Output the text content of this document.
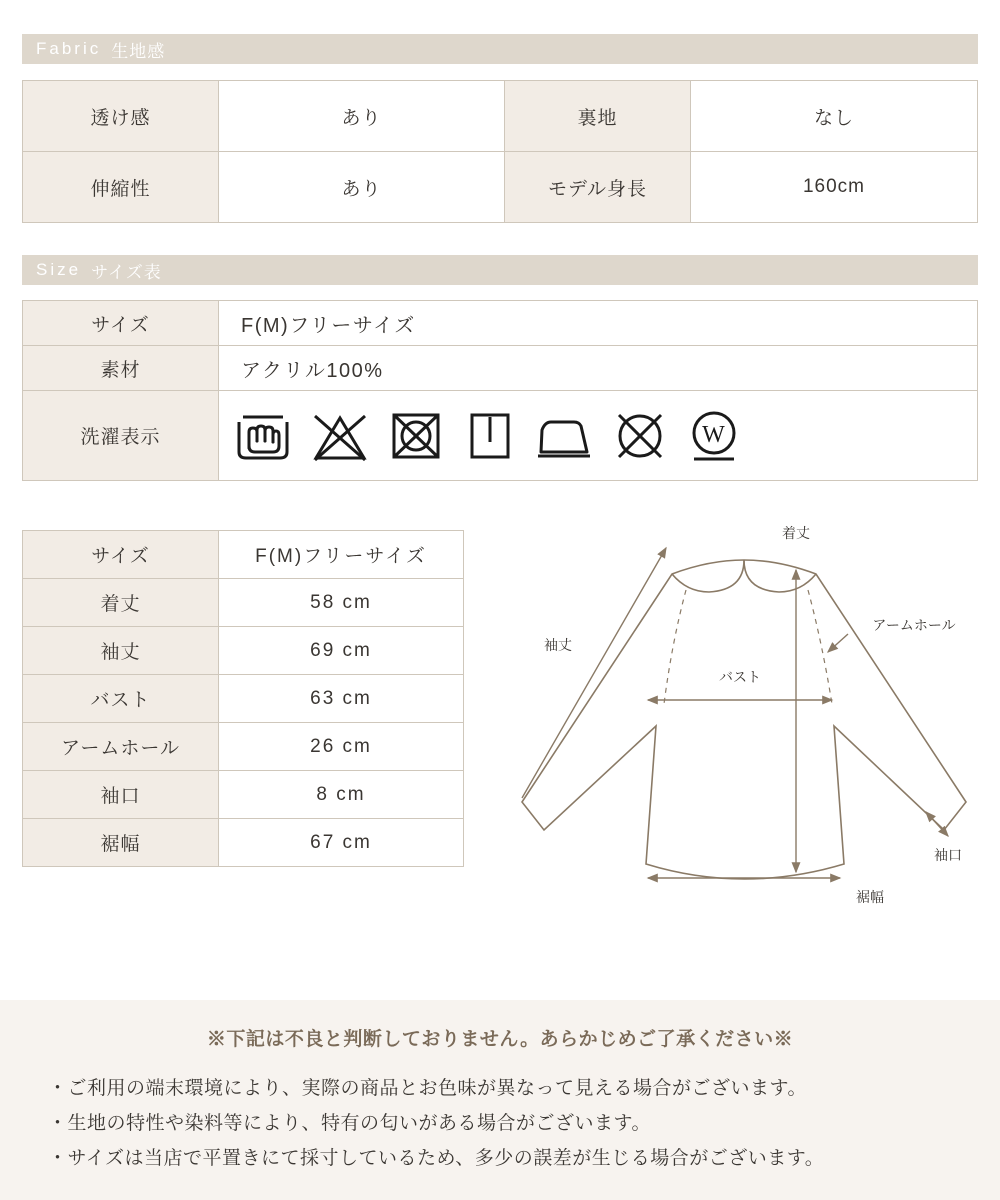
Fabric 生地感
透け感	あり	裏地	なし
伸縮性	あり	モデル身長	160cm
Size サイズ表
サイズ	F(M)フリーサイズ
素材	アクリル100%
洗濯表示	W
サイズ	F(M)フリーサイズ
着丈	58 cm
袖丈	69 cm
バスト	63 cm
アームホール	26 cm
袖口	8 cm
裾幅	67 cm
着丈
袖丈
アームホール
バスト
袖口
裾幅
※下記は不良と判断しておりません。あらかじめご了承ください※
・ご利用の端末環境により、実際の商品とお色味が異なって見える場合がございます。
・生地の特性や染料等により、特有の匂いがある場合がございます。
・サイズは当店で平置きにて採寸しているため、多少の誤差が生じる場合がございます。
